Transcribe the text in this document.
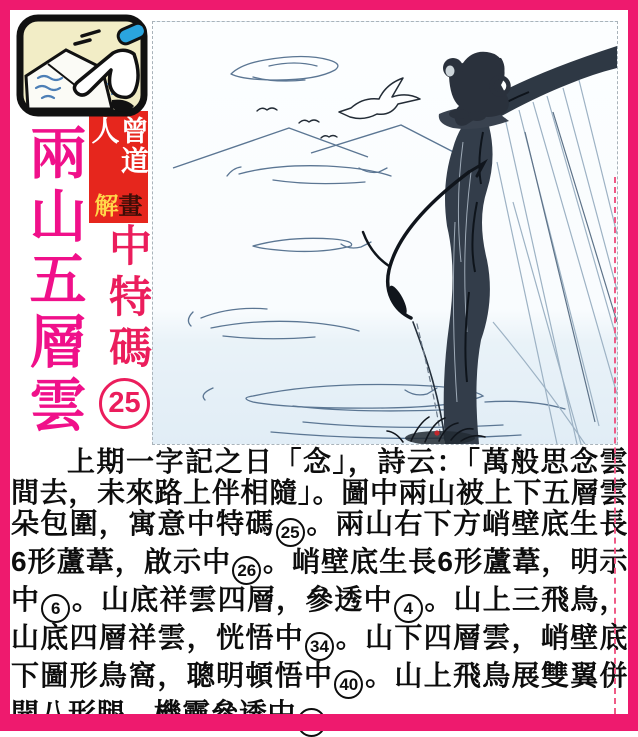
曾道人
解 畫
兩山五層雲 中特碼
25

上期一字記之日「念」，詩云：「萬般思念雲間去，未來路上伴相隨」。圖中兩山被上下五層雲朵包圍，寓意中特碼 25 。兩山右下方峭壁底生長6形蘆葦，啟示中 26 。峭壁底生長6形蘆葦，明示中 6 。山底祥雲四層，參透中 4 。山上三飛鳥，山底四層祥雲，恍悟中 34 。山下四層雲，峭壁底下圖形鳥窩，聰明頓悟中 40 。山上飛鳥展雙翼併開八形腿，機靈參透中 28 。
